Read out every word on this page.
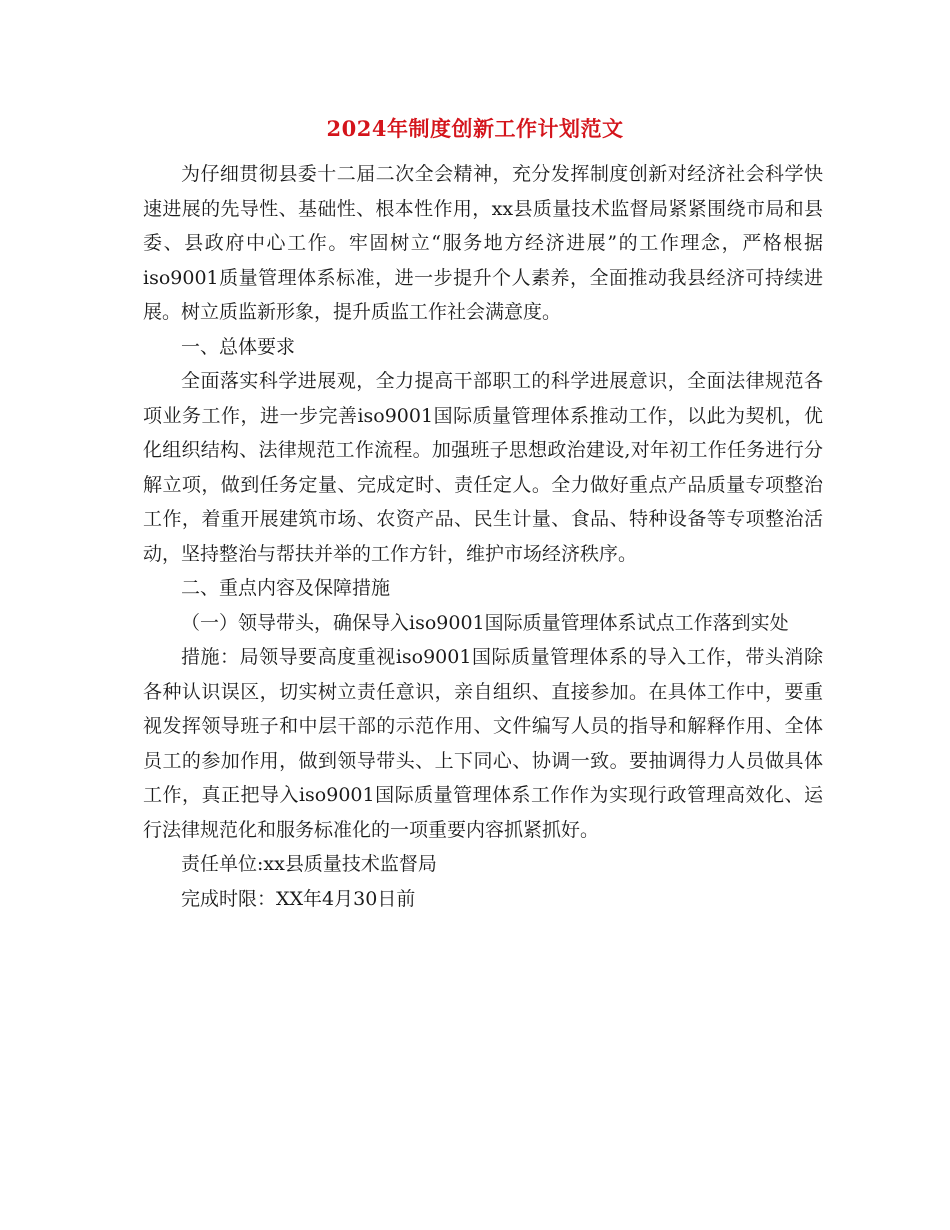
2024年制度创新工作计划范文

为仔细贯彻县委十二届二次全会精神，充分发挥制度创新对经济社会科学快速进展的先导性、基础性、根本性作用，xx县质量技术监督局紧紧围绕市局和县委、县政府中心工作。牢固树立“服务地方经济进展”的工作理念，严格根据iso9001质量管理体系标准，进一步提升个人素养，全面推动我县经济可持续进展。树立质监新形象，提升质监工作社会满意度。

一、总体要求

全面落实科学进展观，全力提高干部职工的科学进展意识，全面法律规范各项业务工作，进一步完善iso9001国际质量管理体系推动工作，以此为契机，优化组织结构、法律规范工作流程。加强班子思想政治建设,对年初工作任务进行分解立项，做到任务定量、完成定时、责任定人。全力做好重点产品质量专项整治工作，着重开展建筑市场、农资产品、民生计量、食品、特种设备等专项整治活动，坚持整治与帮扶并举的工作方针，维护市场经济秩序。

二、重点内容及保障措施

（一）领导带头，确保导入iso9001国际质量管理体系试点工作落到实处

措施：局领导要高度重视iso9001国际质量管理体系的导入工作，带头消除各种认识误区，切实树立责任意识，亲自组织、直接参加。在具体工作中，要重视发挥领导班子和中层干部的示范作用、文件编写人员的指导和解释作用、全体员工的参加作用，做到领导带头、上下同心、协调一致。要抽调得力人员做具体工作，真正把导入iso9001国际质量管理体系工作作为实现行政管理高效化、运行法律规范化和服务标准化的一项重要内容抓紧抓好。

责任单位:xx县质量技术监督局

完成时限：XX年4月30日前
